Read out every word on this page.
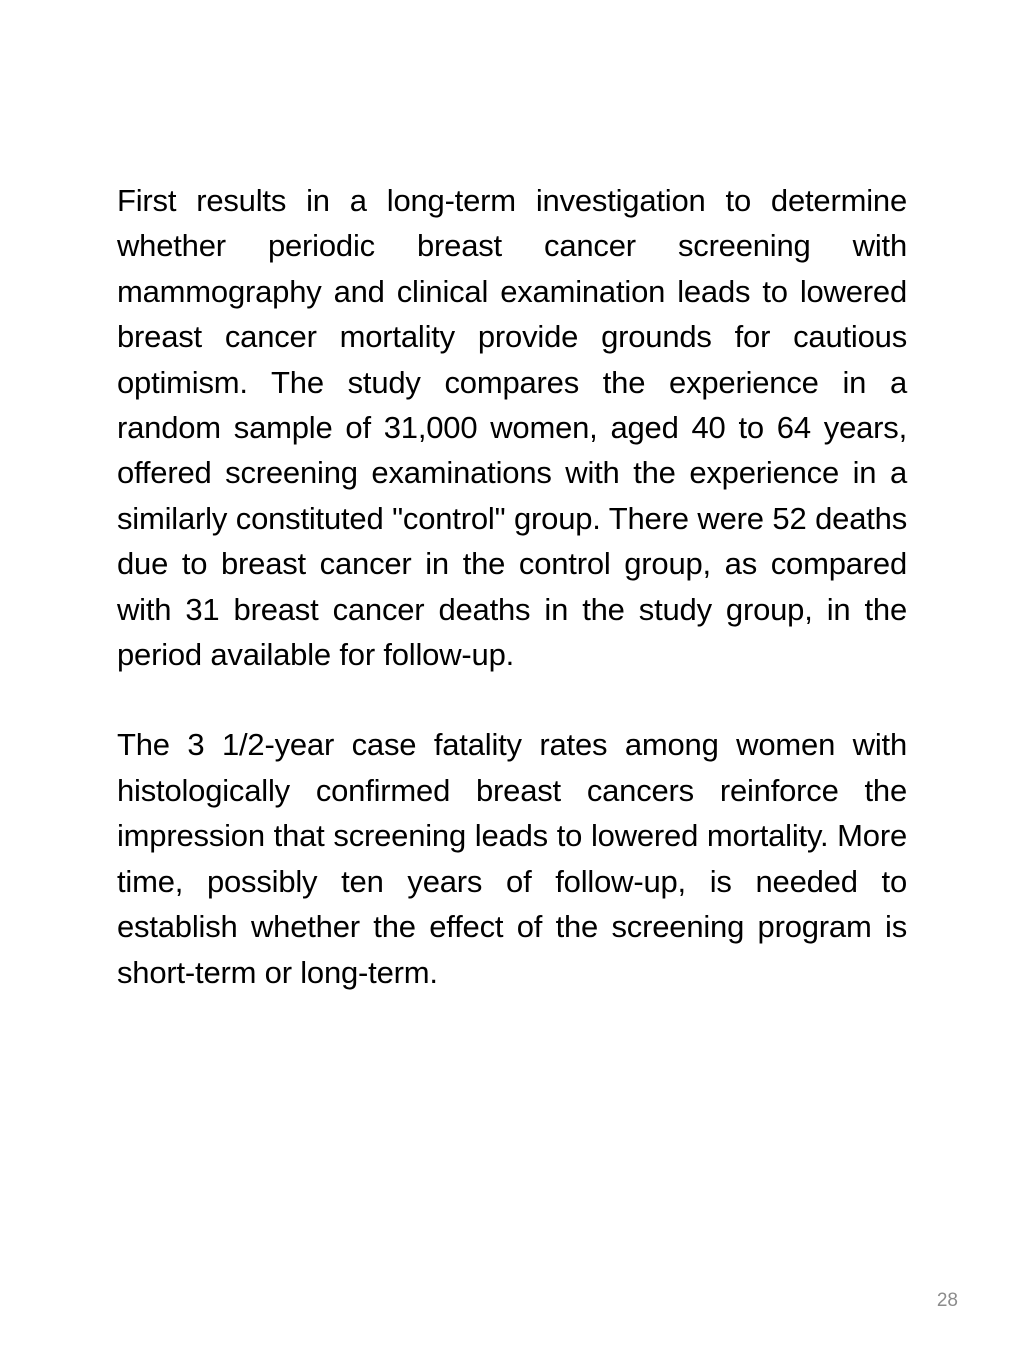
First results in a long-term investigation to determine whether periodic breast cancer screening with mammography and clinical examination leads to lowered breast cancer mortality provide grounds for cautious optimism. The study compares the experience in a random sample of 31,000 women, aged 40 to 64 years, offered screening examinations with the experience in a similarly constituted "control" group. There were 52 deaths due to breast cancer in the control group, as compared with 31 breast cancer deaths in the study group, in the period available for follow-up.

The 3 1/2-year case fatality rates among women with histologically confirmed breast cancers reinforce the impression that screening leads to lowered mortality. More time, possibly ten years of follow-up, is needed to establish whether the effect of the screening program is short-term or long-term.

28
